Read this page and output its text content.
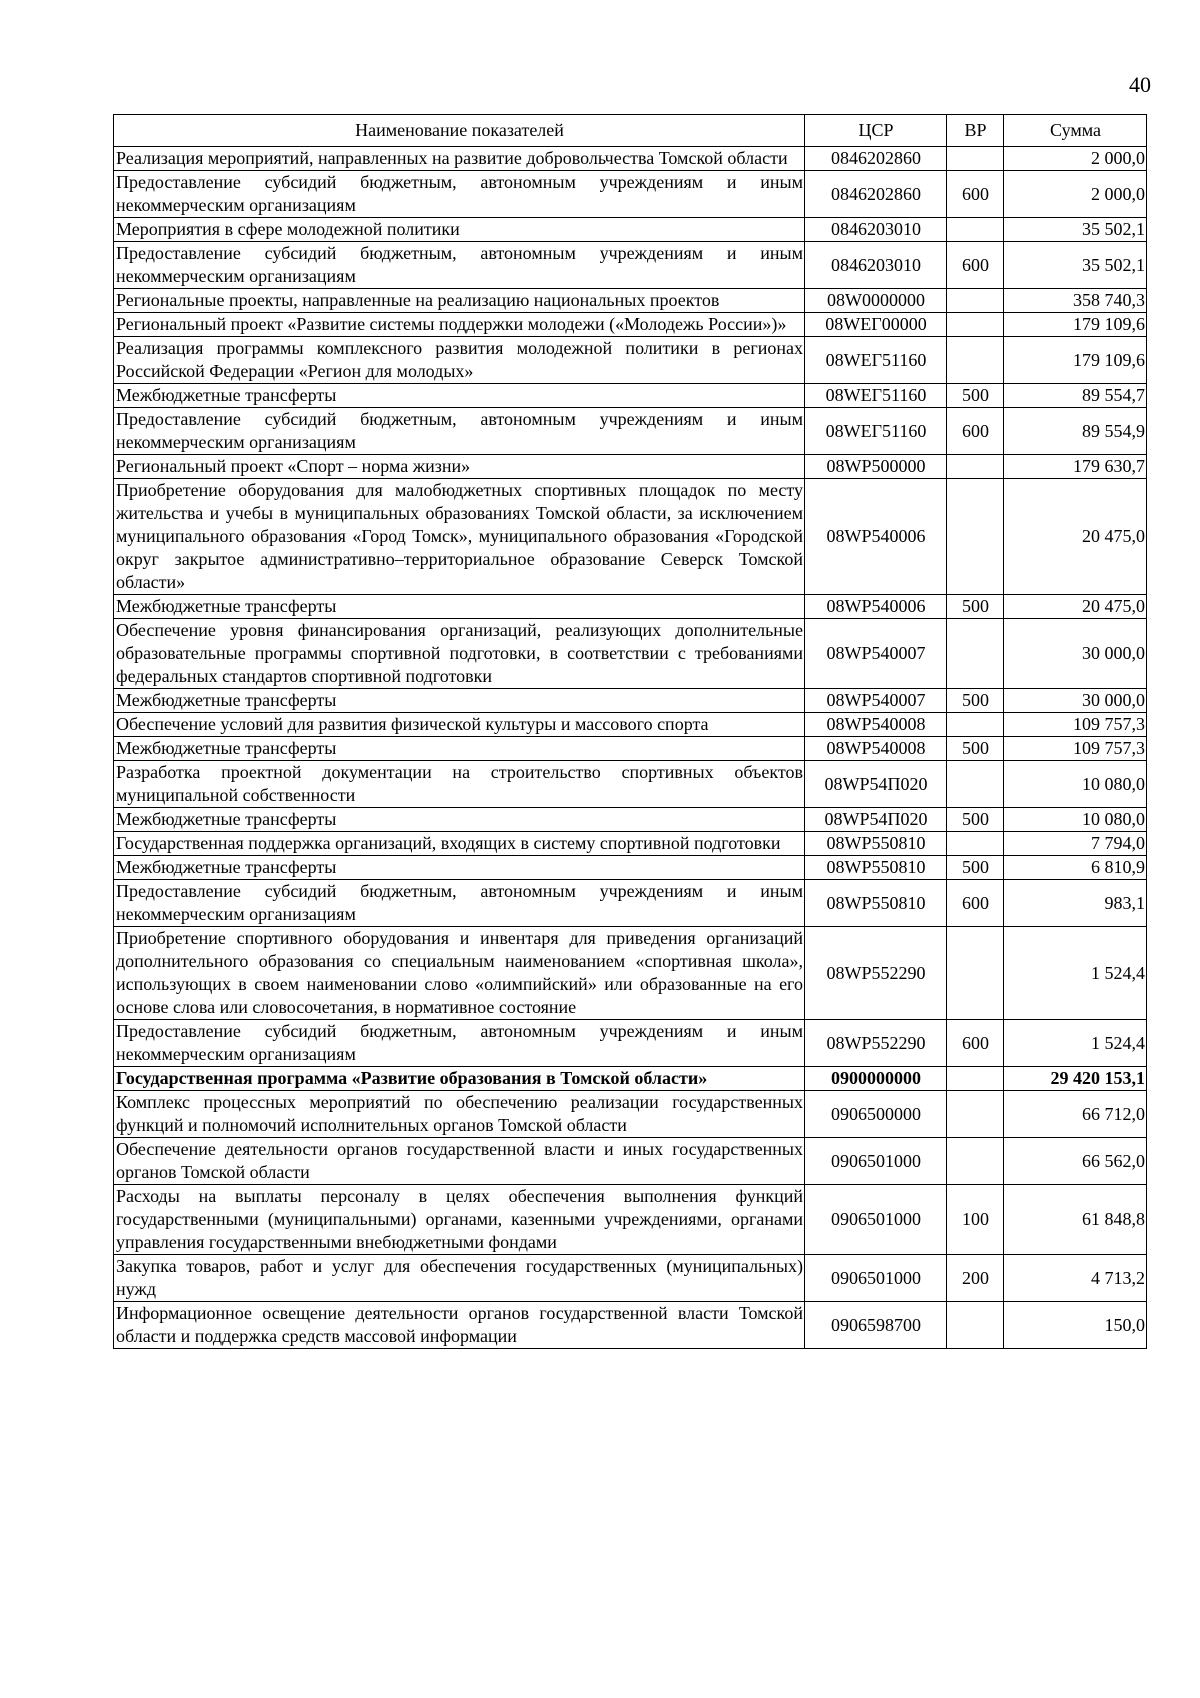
40
Наименование показателей	ЦСР	ВР	Сумма
Реализация мероприятий, направленных на развитие добровольчества Томской области	0846202860		2 000,0
Предоставление субсидий бюджетным, автономным учреждениям и иным некоммерческим организациям	0846202860	600	2 000,0
Мероприятия в сфере молодежной политики	0846203010		35 502,1
Предоставление субсидий бюджетным, автономным учреждениям и иным некоммерческим организациям	0846203010	600	35 502,1
Региональные проекты, направленные на реализацию национальных проектов	08W0000000		358 740,3
Региональный проект «Развитие системы поддержки молодежи («Молодежь России»)»	08WEГ00000		179 109,6
Реализация программы комплексного развития молодежной политики в регионах Российской Федерации «Регион для молодых»	08WEГ51160		179 109,6
Межбюджетные трансферты	08WEГ51160	500	89 554,7
Предоставление субсидий бюджетным, автономным учреждениям и иным некоммерческим организациям	08WEГ51160	600	89 554,9
Региональный проект «Спорт – норма жизни»	08WP500000		179 630,7
Приобретение оборудования для малобюджетных спортивных площадок по месту жительства и учебы в муниципальных образованиях Томской области, за исключением муниципального образования «Город Томск», муниципального образования «Городской округ закрытое административно–территориальное образование Северск Томской области»	08WP540006		20 475,0
Межбюджетные трансферты	08WP540006	500	20 475,0
Обеспечение уровня финансирования организаций, реализующих дополнительные образовательные программы спортивной подготовки, в соответствии с требованиями федеральных стандартов спортивной подготовки	08WP540007		30 000,0
Межбюджетные трансферты	08WP540007	500	30 000,0
Обеспечение условий для развития физической культуры и массового спорта	08WP540008		109 757,3
Межбюджетные трансферты	08WP540008	500	109 757,3
Разработка проектной документации на строительство спортивных объектов муниципальной собственности	08WP54П020		10 080,0
Межбюджетные трансферты	08WP54П020	500	10 080,0
Государственная поддержка организаций, входящих в систему спортивной подготовки	08WP550810		7 794,0
Межбюджетные трансферты	08WP550810	500	6 810,9
Предоставление субсидий бюджетным, автономным учреждениям и иным некоммерческим организациям	08WP550810	600	983,1
Приобретение спортивного оборудования и инвентаря для приведения организаций дополнительного образования со специальным наименованием «спортивная школа», использующих в своем наименовании слово «олимпийский» или образованные на его основе слова или словосочетания, в нормативное состояние	08WP552290		1 524,4
Предоставление субсидий бюджетным, автономным учреждениям и иным некоммерческим организациям	08WP552290	600	1 524,4
Государственная программа «Развитие образования в Томской области»	0900000000		29 420 153,1
Комплекс процессных мероприятий по обеспечению реализации государственных функций и полномочий исполнительных органов Томской области	0906500000		66 712,0
Обеспечение деятельности органов государственной власти и иных государственных органов Томской области	0906501000		66 562,0
Расходы на выплаты персоналу в целях обеспечения выполнения функций государственными (муниципальными) органами, казенными учреждениями, органами управления государственными внебюджетными фондами	0906501000	100	61 848,8
Закупка товаров, работ и услуг для обеспечения государственных (муниципальных) нужд	0906501000	200	4 713,2
Информационное освещение деятельности органов государственной власти Томской области и поддержка средств массовой информации	0906598700		150,0
